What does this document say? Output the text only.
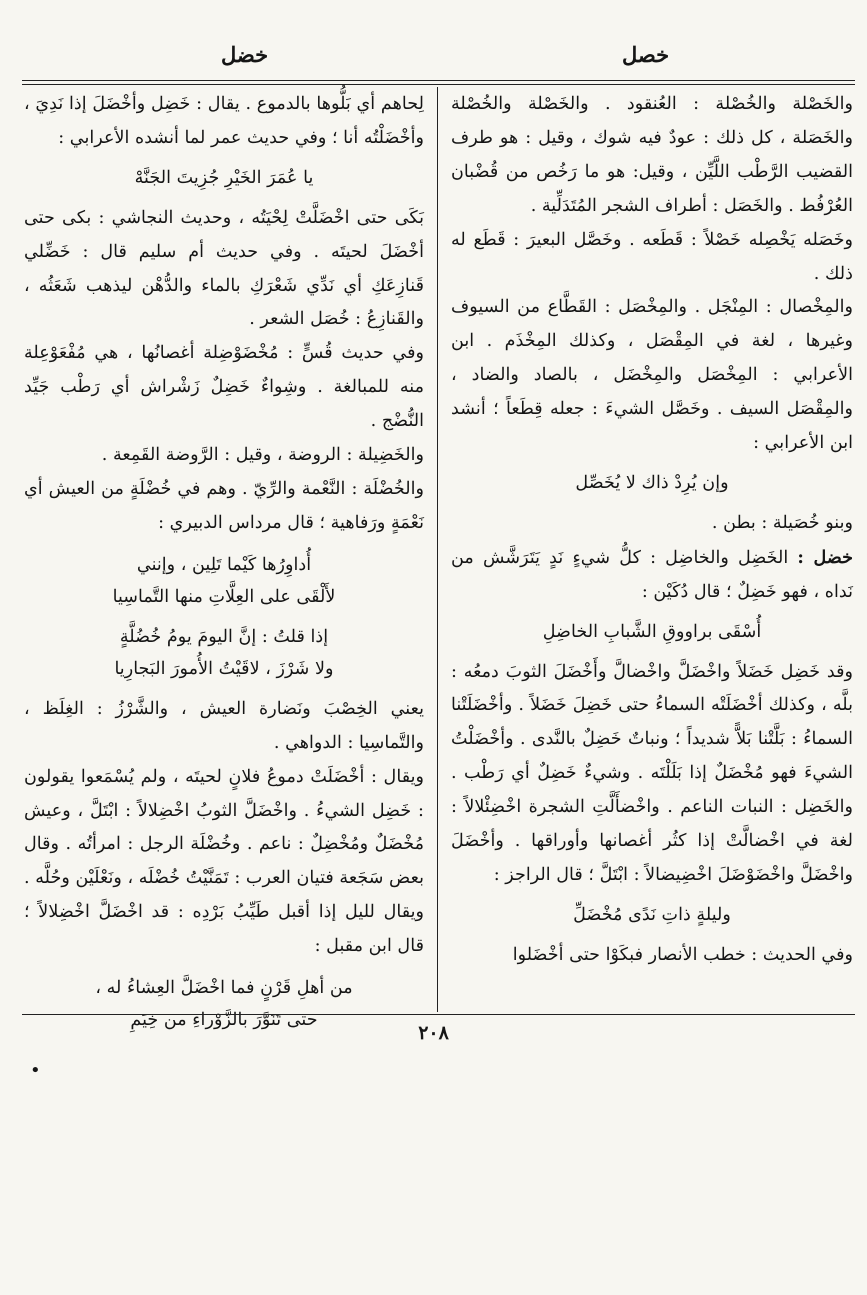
خضل	خصل

والخَصْلة والخُصْلة : العُنقود . والخَصْلة والخُصْلة والخَصَلة ، كل ذلك : عودٌ فيه شوك ، وقيل : هو طرف القضيب الرَّطْب اللَّيِّن ، وقيل: هو ما رَخُص من قُضْبان العُرْفُط . والخَصَل : أطراف الشجر المُتَدَلِّية .

وخَصَله يَخْصِله خَصْلاً : قَطَعه . وخَصَّل البعيرَ : قَطَع له ذلك .

والمِخْصال : المِنْجَل . والمِخْصَل : القَطَّاع من السيوف وغيرها ، لغة في المِقْصَل ، وكذلك المِخْذَم . ابن الأعرابي : المِخْصَل والمِخْضَل ، بالصاد والضاد ، والمِقْصَل السيف . وخَصَّل الشيءَ : جعله قِطَعاً ؛ أنشد ابن الأعرابي :

وإن يُرِدْ ذاك لا يُخَصِّل

وبنو خُصَيلة : بطن .

خضل : الخَضِل والخاضِل : كلُّ شيءٍ نَدٍ يَتَرَشَّش من نَداه ، فهو خَضِلٌ ؛ قال دُكَيْن :

أُسْقَى براووقِ الشَّبابِ الخاضِلِ

وقد خَضِل خَضَلاً واخْضَلَّ واخْضالَّ وأَخْضَلَ الثوبَ دمعُه : بلَّه ، وكذلك أخْضَلَتْه السماءُ حتى خَضِلَ خَضَلاً . وأخْضَلَتْنا السماءُ : بَلَّتْنا بَلاًّ شديداً ؛ ونباتٌ خَضِلٌ بالنَّدى . وأخْضَلْتُ الشيءَ فهو مُخْضَلٌ إذا بَلَلْتَه . وشيءٌ خَضِلٌ أي رَطْب . والخَضِل : النبات الناعم . واخْضأَلَّتِ الشجرة اخْضِئْلالاً : لغة في اخْضالَّتْ إذا كثُر أغصانها وأوراقها . وأخْضَلَ واخْضَلَّ واخْضَوْضَلَ اخْضِيضالاً : ابْتَلَّ ؛ قال الراجز :

وليلةٍ ذاتِ نَدًى مُخْضَلِّ

وفي الحديث : خطب الأنصار فبكَوْا حتى أخْضَلوا

لِحاهم أي بَلُّوها بالدموع . يقال : خَضِل وأخْضَلَ إذا نَدِيَ ، وأخْضَلْتُه أنا ؛ وفي حديث عمر لما أنشده الأعرابي :

يا عُمَرَ الخَيْرِ جُزِيتَ الجَنَّهْ

بَكَى حتى اخْضَلَّتْ لِحْيَتُه ، وحديث النجاشي : بكى حتى أخْضَلَ لحيتَه . وفي حديث أم سليم قال : خَضِّلي قَنازِعَكِ أي نَدِّي شَعْرَكِ بالماء والدُّهْن ليذهب شَعَثُه ، والقَنازِعُ : خُصَل الشعر .

وفي حديث قُسٍّ : مُخْضَوْضِلة أغصانُها ، هي مُفْعَوْعِلة منه للمبالغة . وشِواءٌ خَضِلٌ زَشْراش أي رَطْب جَيِّد النُّضْج .

والخَضِيلة : الروضة ، وقيل : الرَّوضة القَمِعة .

والخُضْلَة : النَّعْمة والرِّيّ . وهم في خُضْلَةٍ من العيش أي نَعْمَةٍ ورَفاهية ؛ قال مرداس الدبيري :

أُداوِرُها كَيْما تَلِين ، وإنني
لأَلْقَى على العِلَّاتِ منها التَّماسِيا
إذا قلتُ : إنَّ اليومَ يومُ خُضُلَّةٍ
ولا شَرْزَ ، لاقَيْتُ الأُمورَ البَجارِيا

يعني الخِصْبَ ونَضارة العيش ، والشَّرْزُ : الغِلَظ ، والتَّماسِيا : الدواهي .

ويقال : أخْضَلَتْ دموعُ فلانٍ لحيتَه ، ولم يُسْمَعوا يقولون : خَضِل الشيءُ . واخْضَلَّ الثوبُ اخْضِلالاً : ابْتَلَّ ، وعيش مُخْضَلٌ ومُخْضِلٌ : ناعم . وخُضْلَة الرجل : امرأتُه . وقال بعض سَجَعة فتيان العرب : تَمَنَّيْتُ خُضْلَه ، ونَعْلَيْن وحُلَّه . ويقال لليل إذا أقبل طَيِّبُ بَرْدِه : قد اخْضَلَّ اخْضِلالاً ؛ قال ابن مقبل :

من أهلِ قَرْنٍ فما اخْضَلَّ العِشاءُ له ،
حتى تَنَوَّرَ بالزَّوْراءِ من خِيَمِ
٢٠٨
•
